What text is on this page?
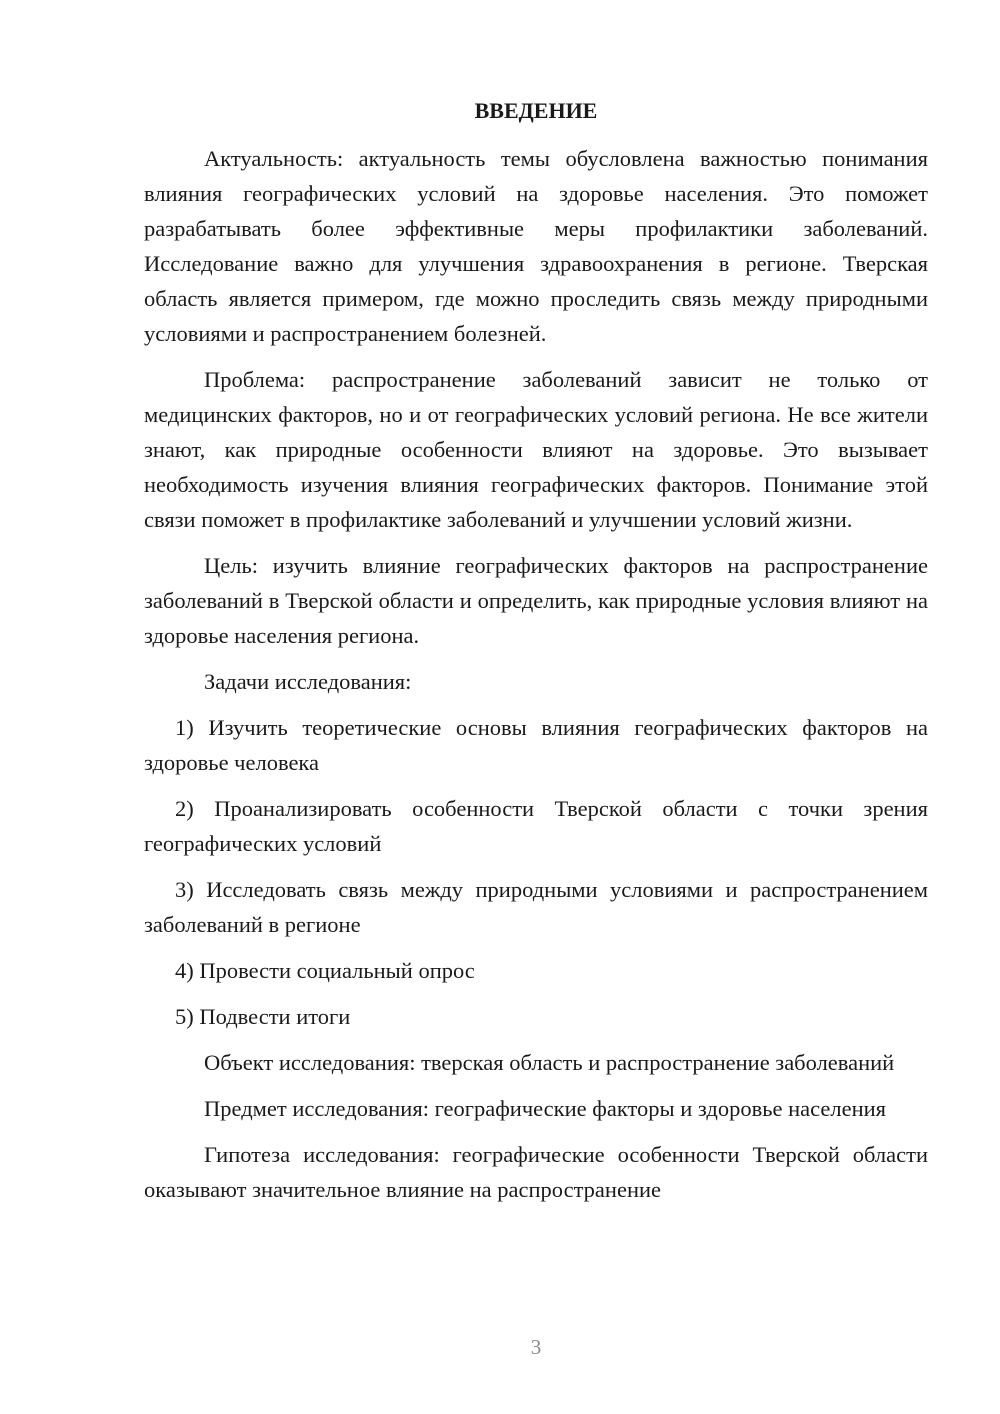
ВВЕДЕНИЕ

Актуальность: актуальность темы обусловлена важностью понимания влияния географических условий на здоровье населения. Это поможет разрабатывать более эффективные меры профилактики заболеваний. Исследование важно для улучшения здравоохранения в регионе. Тверская область является примером, где можно проследить связь между природными условиями и распространением болезней.

Проблема: распространение заболеваний зависит не только от медицинских факторов, но и от географических условий региона. Не все жители знают, как природные особенности влияют на здоровье. Это вызывает необходимость изучения влияния географических факторов. Понимание этой связи поможет в профилактике заболеваний и улучшении условий жизни.

Цель: изучить влияние географических факторов на распространение заболеваний в Тверской области и определить, как природные условия влияют на здоровье населения региона.

Задачи исследования:

1) Изучить теоретические основы влияния географических факторов на здоровье человека

2) Проанализировать особенности Тверской области с точки зрения географических условий

3) Исследовать связь между природными условиями и распространением заболеваний в регионе

4) Провести социальный опрос

5) Подвести итоги

Объект исследования: тверская область и распространение заболеваний

Предмет исследования: географические факторы и здоровье населения

Гипотеза исследования: географические особенности Тверской области оказывают значительное влияние на распространение

3
